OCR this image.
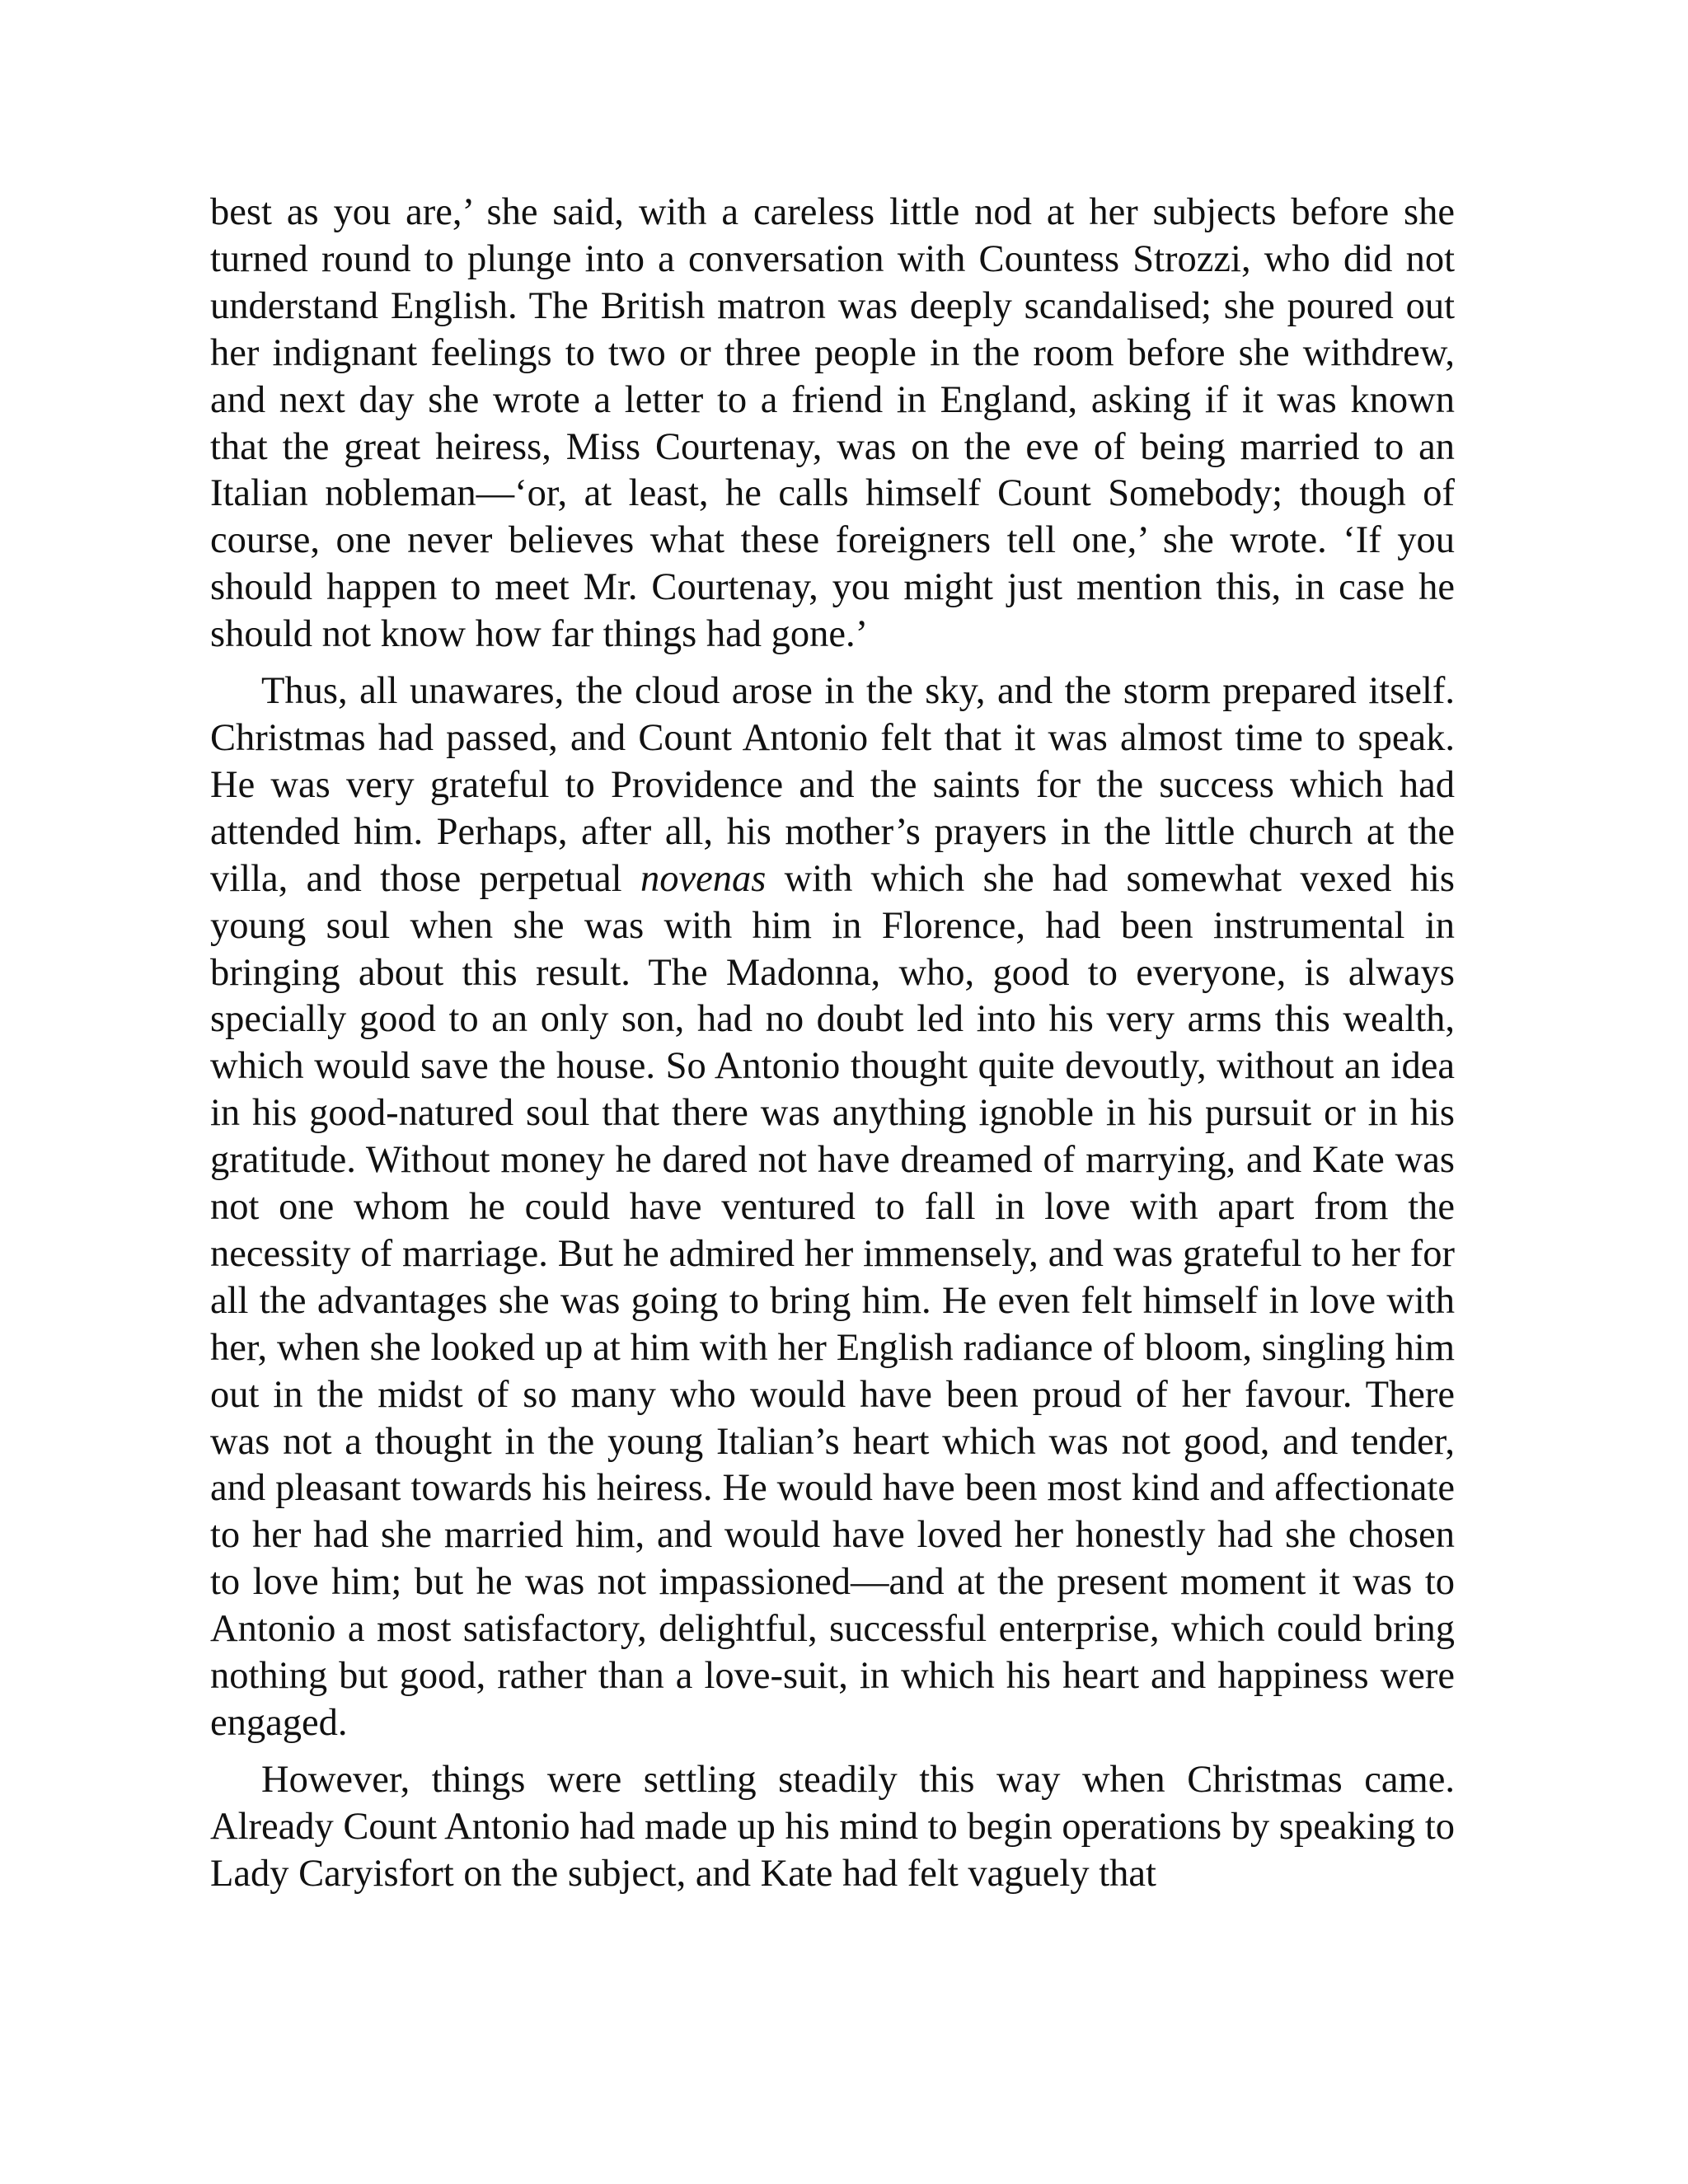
best as you are,’ she said, with a careless little nod at her subjects before she turned round to plunge into a conversation with Countess Strozzi, who did not understand English. The British matron was deeply scandalised; she poured out her indignant feelings to two or three people in the room before she withdrew, and next day she wrote a letter to a friend in England, asking if it was known that the great heiress, Miss Courtenay, was on the eve of being married to an Italian nobleman—‘or, at least, he calls himself Count Somebody; though of course, one never believes what these foreigners tell one,’ she wrote. ‘If you should happen to meet Mr. Courtenay, you might just mention this, in case he should not know how far things had gone.’

Thus, all unawares, the cloud arose in the sky, and the storm prepared itself. Christmas had passed, and Count Antonio felt that it was almost time to speak. He was very grateful to Providence and the saints for the success which had attended him. Perhaps, after all, his mother’s prayers in the little church at the villa, and those perpetual novenas with which she had somewhat vexed his young soul when she was with him in Florence, had been instrumental in bringing about this result. The Madonna, who, good to everyone, is always specially good to an only son, had no doubt led into his very arms this wealth, which would save the house. So Antonio thought quite devoutly, without an idea in his good-natured soul that there was anything ignoble in his pursuit or in his gratitude. Without money he dared not have dreamed of marrying, and Kate was not one whom he could have ventured to fall in love with apart from the necessity of marriage. But he admired her immensely, and was grateful to her for all the advantages she was going to bring him. He even felt himself in love with her, when she looked up at him with her English radiance of bloom, singling him out in the midst of so many who would have been proud of her favour. There was not a thought in the young Italian’s heart which was not good, and tender, and pleasant towards his heiress. He would have been most kind and affectionate to her had she married him, and would have loved her honestly had she chosen to love him; but he was not impassioned—and at the present moment it was to Antonio a most satisfactory, delightful, successful enterprise, which could bring nothing but good, rather than a love-suit, in which his heart and happiness were engaged.

However, things were settling steadily this way when Christmas came. Already Count Antonio had made up his mind to begin operations by speaking to Lady Caryisfort on the subject, and Kate had felt vaguely that
